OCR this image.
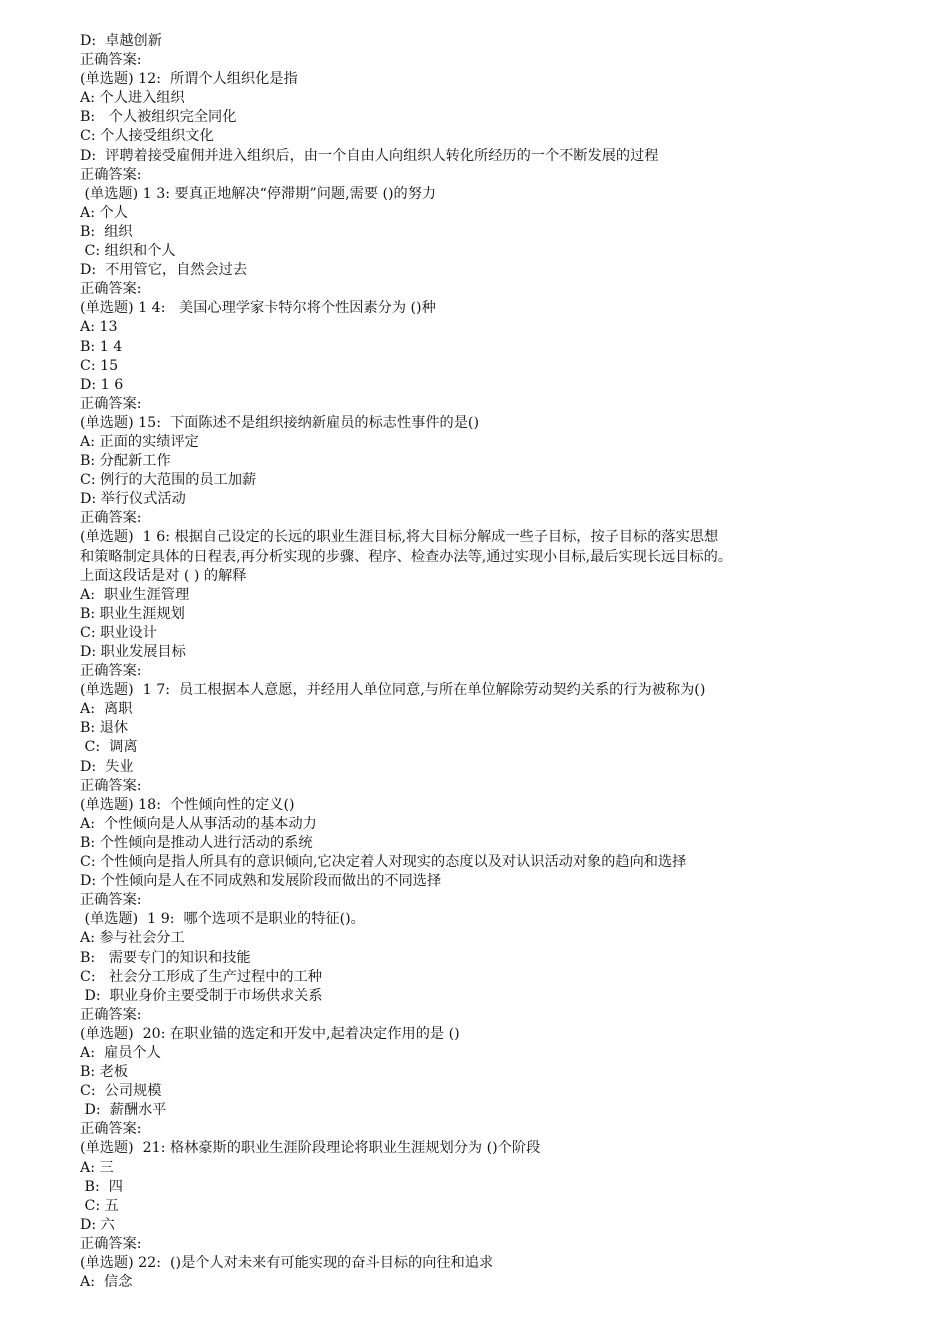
D:  卓越创新
正确答案:
(单选题) 12:  所谓个人组织化是指
A: 个人进入组织
B:   个人被组织完全同化
C: 个人接受组织文化
D:  评聘着接受雇佣并进入组织后，由一个自由人向组织人转化所经历的一个不断发展的过程
正确答案:
(单选题) 1 3: 要真正地解决“停滞期”问题,需要 ()的努力
A: 个人
B:  组织
C: 组织和个人
D:  不用管它，自然会过去
正确答案:
(单选题) 1 4:   美国心理学家卡特尔将个性因素分为 ()种
A: 13
B: 1 4
C: 15
D: 1 6
正确答案:
(单选题) 15:  下面陈述不是组织接纳新雇员的标志性事件的是()
A: 正面的实绩评定
B: 分配新工作
C: 例行的大范围的员工加薪
D: 举行仪式活动
正确答案:
(单选题)  1 6: 根据自己设定的长远的职业生涯目标,将大目标分解成一些子目标，按子目标的落实思想
和策略制定具体的日程表,再分析实现的步骤、程序、检查办法等,通过实现小目标,最后实现长远目标的。
上面这段话是对 ( ) 的解释
A:  职业生涯管理
B: 职业生涯规划
C: 职业设计
D: 职业发展目标
正确答案:
(单选题)  1 7:  员工根据本人意愿，并经用人单位同意,与所在单位解除劳动契约关系的行为被称为()
A:  离职
B: 退休
C:  调离
D:  失业
正确答案:
(单选题) 18:  个性倾向性的定义()
A:  个性倾向是人从事活动的基本动力
B: 个性倾向是推动人进行活动的系统
C: 个性倾向是指人所具有的意识倾向,它决定着人对现实的态度以及对认识活动对象的趋向和选择
D: 个性倾向是人在不同成熟和发展阶段而做出的不同选择
正确答案:
(单选题)  1 9:  哪个选项不是职业的特征()。
A: 参与社会分工
B:   需要专门的知识和技能
C:   社会分工形成了生产过程中的工种
D:  职业身价主要受制于市场供求关系
正确答案:
(单选题)  20: 在职业锚的选定和开发中,起着决定作用的是 ()
A:  雇员个人
B: 老板
C:  公司规模
D:  薪酬水平
正确答案:
(单选题)  21: 格林豪斯的职业生涯阶段理论将职业生涯规划分为 ()个阶段
A: 三
B:  四
C: 五
D: 六
正确答案:
(单选题) 22:  ()是个人对未来有可能实现的奋斗目标的向往和追求
A:  信念
